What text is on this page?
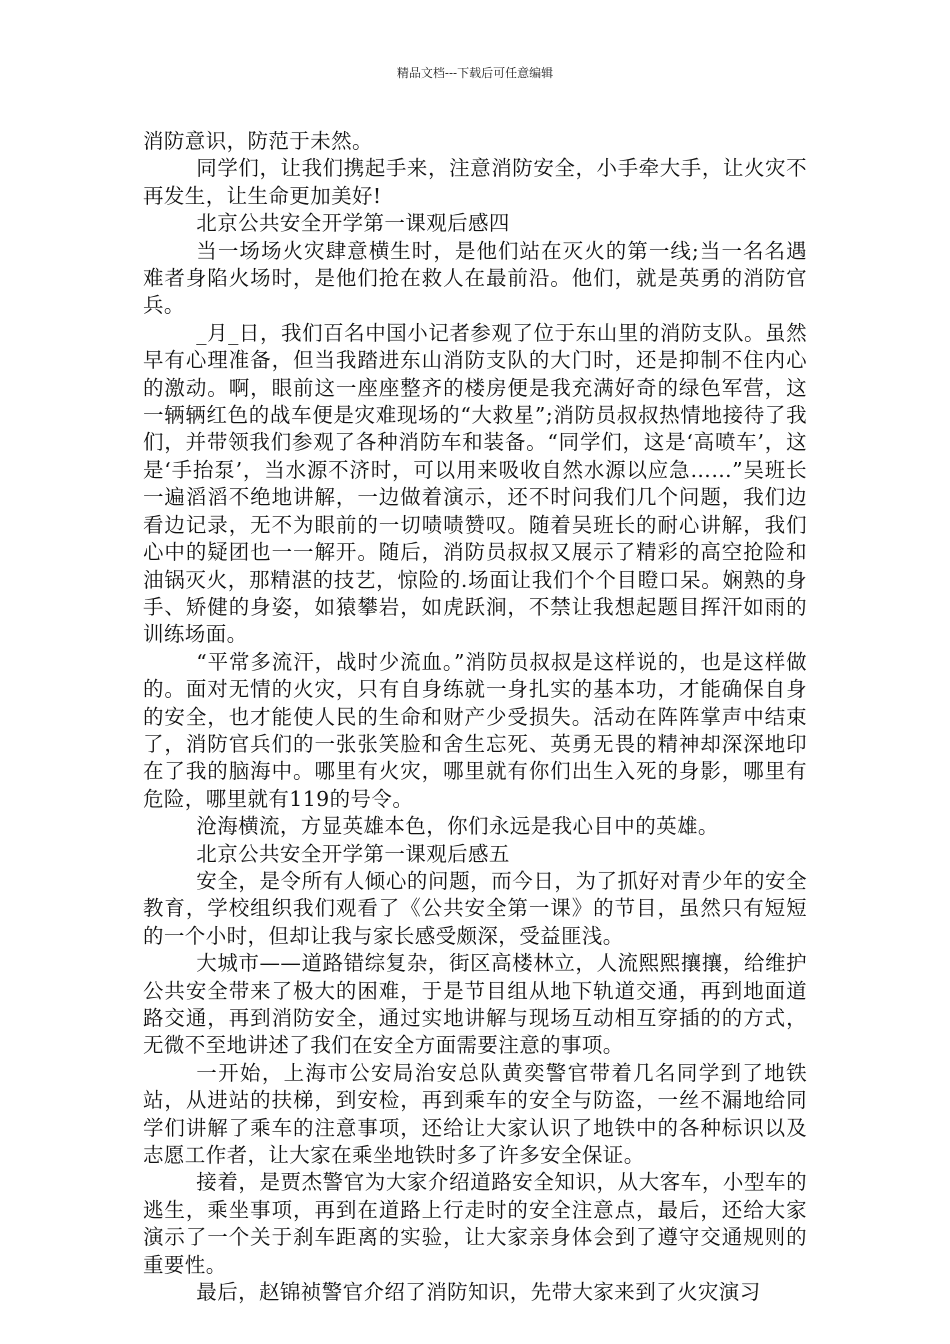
精品文档---下载后可任意编辑

消防意识，防范于未然。

同学们，让我们携起手来，注意消防安全，小手牵大手，让火灾不再发生，让生命更加美好!

北京公共安全开学第一课观后感四

当一场场火灾肆意横生时，是他们站在灭火的第一线;当一名名遇难者身陷火场时，是他们抢在救人在最前沿。他们，就是英勇的消防官兵。

_月_日，我们百名中国小记者参观了位于东山里的消防支队。虽然早有心理准备，但当我踏进东山消防支队的大门时，还是抑制不住内心的激动。啊，眼前这一座座整齐的楼房便是我充满好奇的绿色军营，这一辆辆红色的战车便是灾难现场的“大救星”;消防员叔叔热情地接待了我们，并带领我们参观了各种消防车和装备。“同学们，这是‘高喷车’，这是‘手抬泵’，当水源不济时，可以用来吸收自然水源以应急……”吴班长一遍滔滔不绝地讲解，一边做着演示，还不时问我们几个问题，我们边看边记录，无不为眼前的一切啧啧赞叹。随着吴班长的耐心讲解，我们心中的疑团也一一解开。随后，消防员叔叔又展示了精彩的高空抢险和油锅灭火，那精湛的技艺，惊险的.场面让我们个个目瞪口呆。娴熟的身手、矫健的身姿，如猿攀岩，如虎跃涧，不禁让我想起题目挥汗如雨的训练场面。

“平常多流汗，战时少流血。”消防员叔叔是这样说的，也是这样做的。面对无情的火灾，只有自身练就一身扎实的基本功，才能确保自身的安全，也才能使人民的生命和财产少受损失。活动在阵阵掌声中结束了，消防官兵们的一张张笑脸和舍生忘死、英勇无畏的精神却深深地印在了我的脑海中。哪里有火灾，哪里就有你们出生入死的身影，哪里有危险，哪里就有119的号令。

沧海横流，方显英雄本色，你们永远是我心目中的英雄。

北京公共安全开学第一课观后感五

安全，是令所有人倾心的问题，而今日，为了抓好对青少年的安全教育，学校组织我们观看了《公共安全第一课》的节目，虽然只有短短的一个小时，但却让我与家长感受颇深，受益匪浅。

大城市——道路错综复杂，街区高楼林立，人流熙熙攘攘，给维护公共安全带来了极大的困难，于是节目组从地下轨道交通，再到地面道路交通，再到消防安全，通过实地讲解与现场互动相互穿插的的方式，无微不至地讲述了我们在安全方面需要注意的事项。

一开始，上海市公安局治安总队黄奕警官带着几名同学到了地铁站，从进站的扶梯，到安检，再到乘车的安全与防盗，一丝不漏地给同学们讲解了乘车的注意事项，还给让大家认识了地铁中的各种标识以及志愿工作者，让大家在乘坐地铁时多了许多安全保证。

接着，是贾杰警官为大家介绍道路安全知识，从大客车，小型车的逃生，乘坐事项，再到在道路上行走时的安全注意点，最后，还给大家演示了一个关于刹车距离的实验，让大家亲身体会到了遵守交通规则的重要性。

最后，赵锦祯警官介绍了消防知识，先带大家来到了火灾演习
